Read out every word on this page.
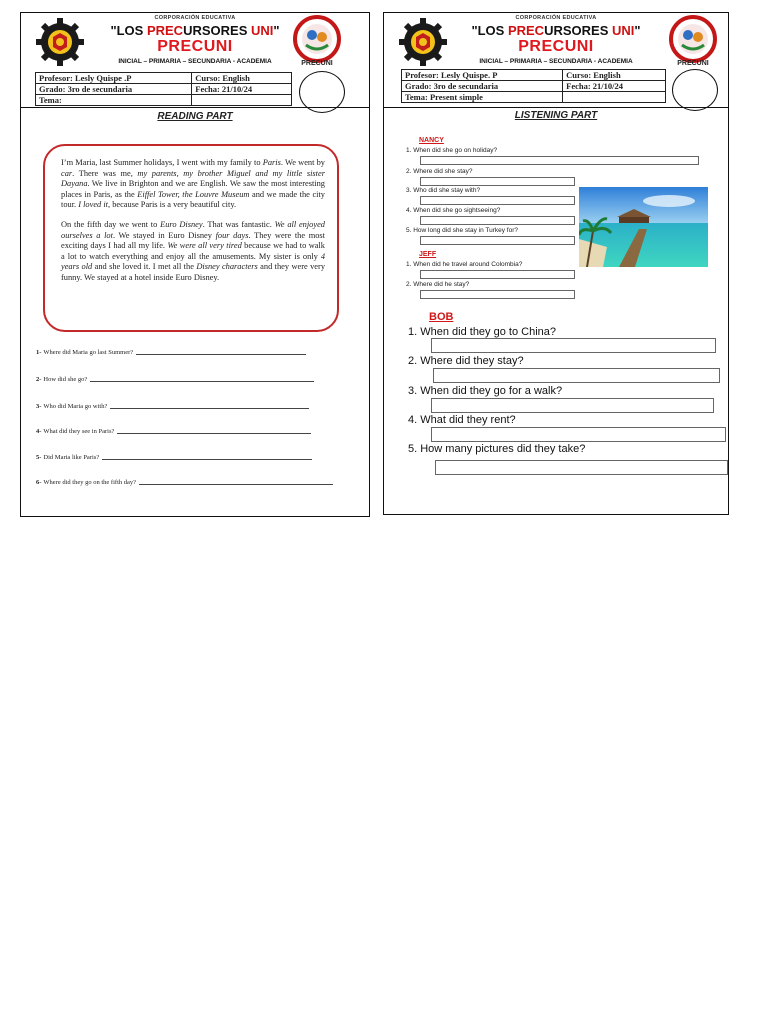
CORPORACIÓN EDUCATIVA
"LOS PRECURSORES UNI"
PRECUNI
INICIAL – PRIMARIA – SECUNDARIA - ACADEMIA	PRECUNI
Profesor: Lesly Quispe .P	Curso: English
Grado: 3ro de secundaria	Fecha: 21/10/24
Tema:	
READING PART

I’m Maria, last Summer holidays, I went with my family to Paris. We went by car. There was me, my parents, my brother Miguel and my little sister Dayana. We live in Brighton and we are English. We saw the most interesting places in Paris, as the Eiffel Tower, the Louvre Museum and we made the city tour. I loved it, because Paris is a very beautiful city.

On the fifth day we went to Euro Disney. That was fantastic. We all enjoyed ourselves a lot. We stayed in Euro Disney four days. They were the most exciting days I had all my life. We were all very tired because we had to walk a lot to watch everything and enjoy all the amusements. My sister is only 4 years old and she loved it. I met all the Disney characters and they were very funny. We stayed at a hotel inside Euro Disney.

1- Where did Maria go last Summer?
2- How did she go?
3- Who did Maria go with?
4- What did they see in Paris?
5- Did Maria like Paris?
6- Where did they go on the fifth day?
CORPORACIÓN EDUCATIVA
"LOS PRECURSORES UNI"
PRECUNI
INICIAL – PRIMARIA – SECUNDARIA - ACADEMIA	PRECUNI
Profesor: Lesly Quispe. P	Curso: English
Grado: 3ro de secundaria	Fecha: 21/10/24
Tema: Present simple	
LISTENING PART
NANCY
1. When did she go on holiday?
2. Where did she stay?
3. Who did she stay with?
4. When did she go sightseeing?
5. How long did she stay in Turkey for?
JEFF
1. When did he travel around Colombia?
2. Where did he stay?
BOB
1. When did they go to China?
2. Where did they stay?
3. When did they go for a walk?
4. What did they rent?
5. How many pictures did they take?
